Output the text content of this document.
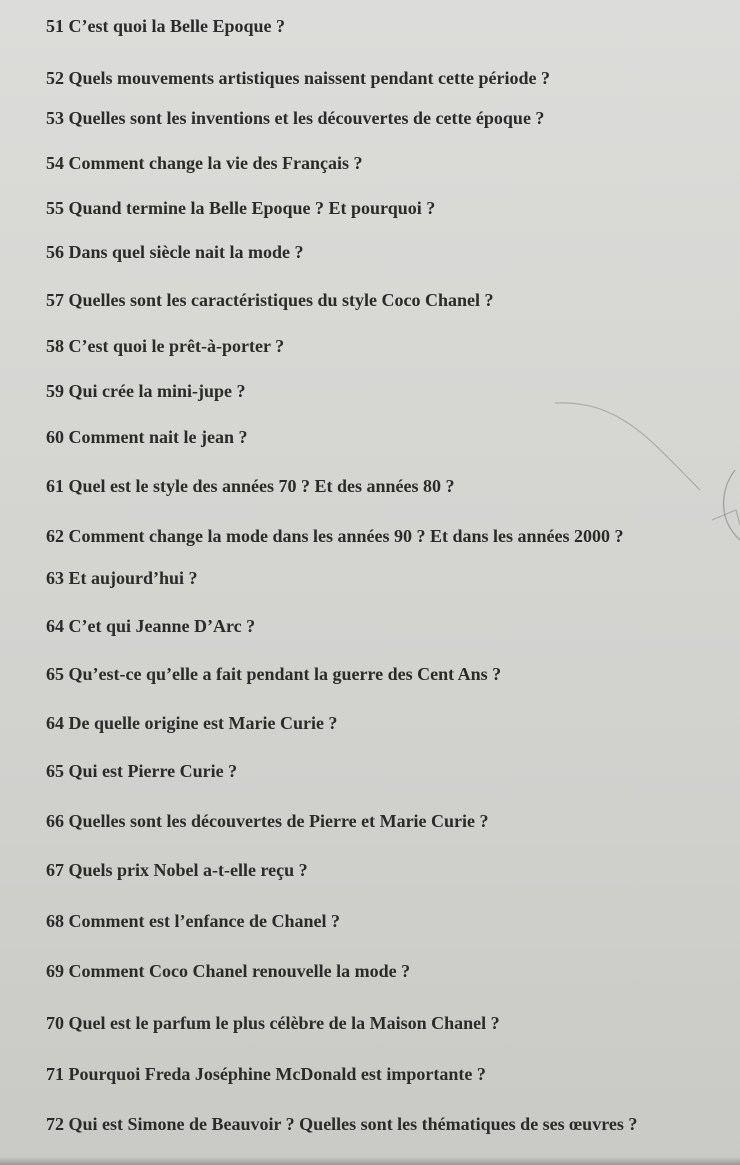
51 C’est quoi la Belle Epoque ?

52 Quels mouvements artistiques naissent pendant cette période ?

53 Quelles sont les inventions et les découvertes de cette époque ?

54 Comment change la vie des Français ?

55 Quand termine la Belle Epoque ? Et pourquoi ?

56 Dans quel siècle nait la mode ?

57 Quelles sont les caractéristiques du style Coco Chanel ?

58 C’est quoi le prêt-à-porter ?

59 Qui crée la mini-jupe ?

60 Comment nait le jean ?

61 Quel est le style des années 70 ? Et des années 80 ?

62 Comment change la mode dans les années 90 ? Et dans les années 2000 ?

63 Et aujourd’hui ?

64 C’et qui Jeanne D’Arc ?

65 Qu’est-ce qu’elle a fait pendant la guerre des Cent Ans ?

64 De quelle origine est Marie Curie ?

65 Qui est Pierre Curie ?

66 Quelles sont les découvertes de Pierre et Marie Curie ?

67 Quels prix Nobel a-t-elle reçu ?

68 Comment est l’enfance de Chanel ?

69 Comment Coco Chanel renouvelle la mode ?

70 Quel est le parfum le plus célèbre de la Maison Chanel ?

71 Pourquoi Freda Joséphine McDonald est importante ?

72 Qui est Simone de Beauvoir ? Quelles sont les thématiques de ses œuvres ?
